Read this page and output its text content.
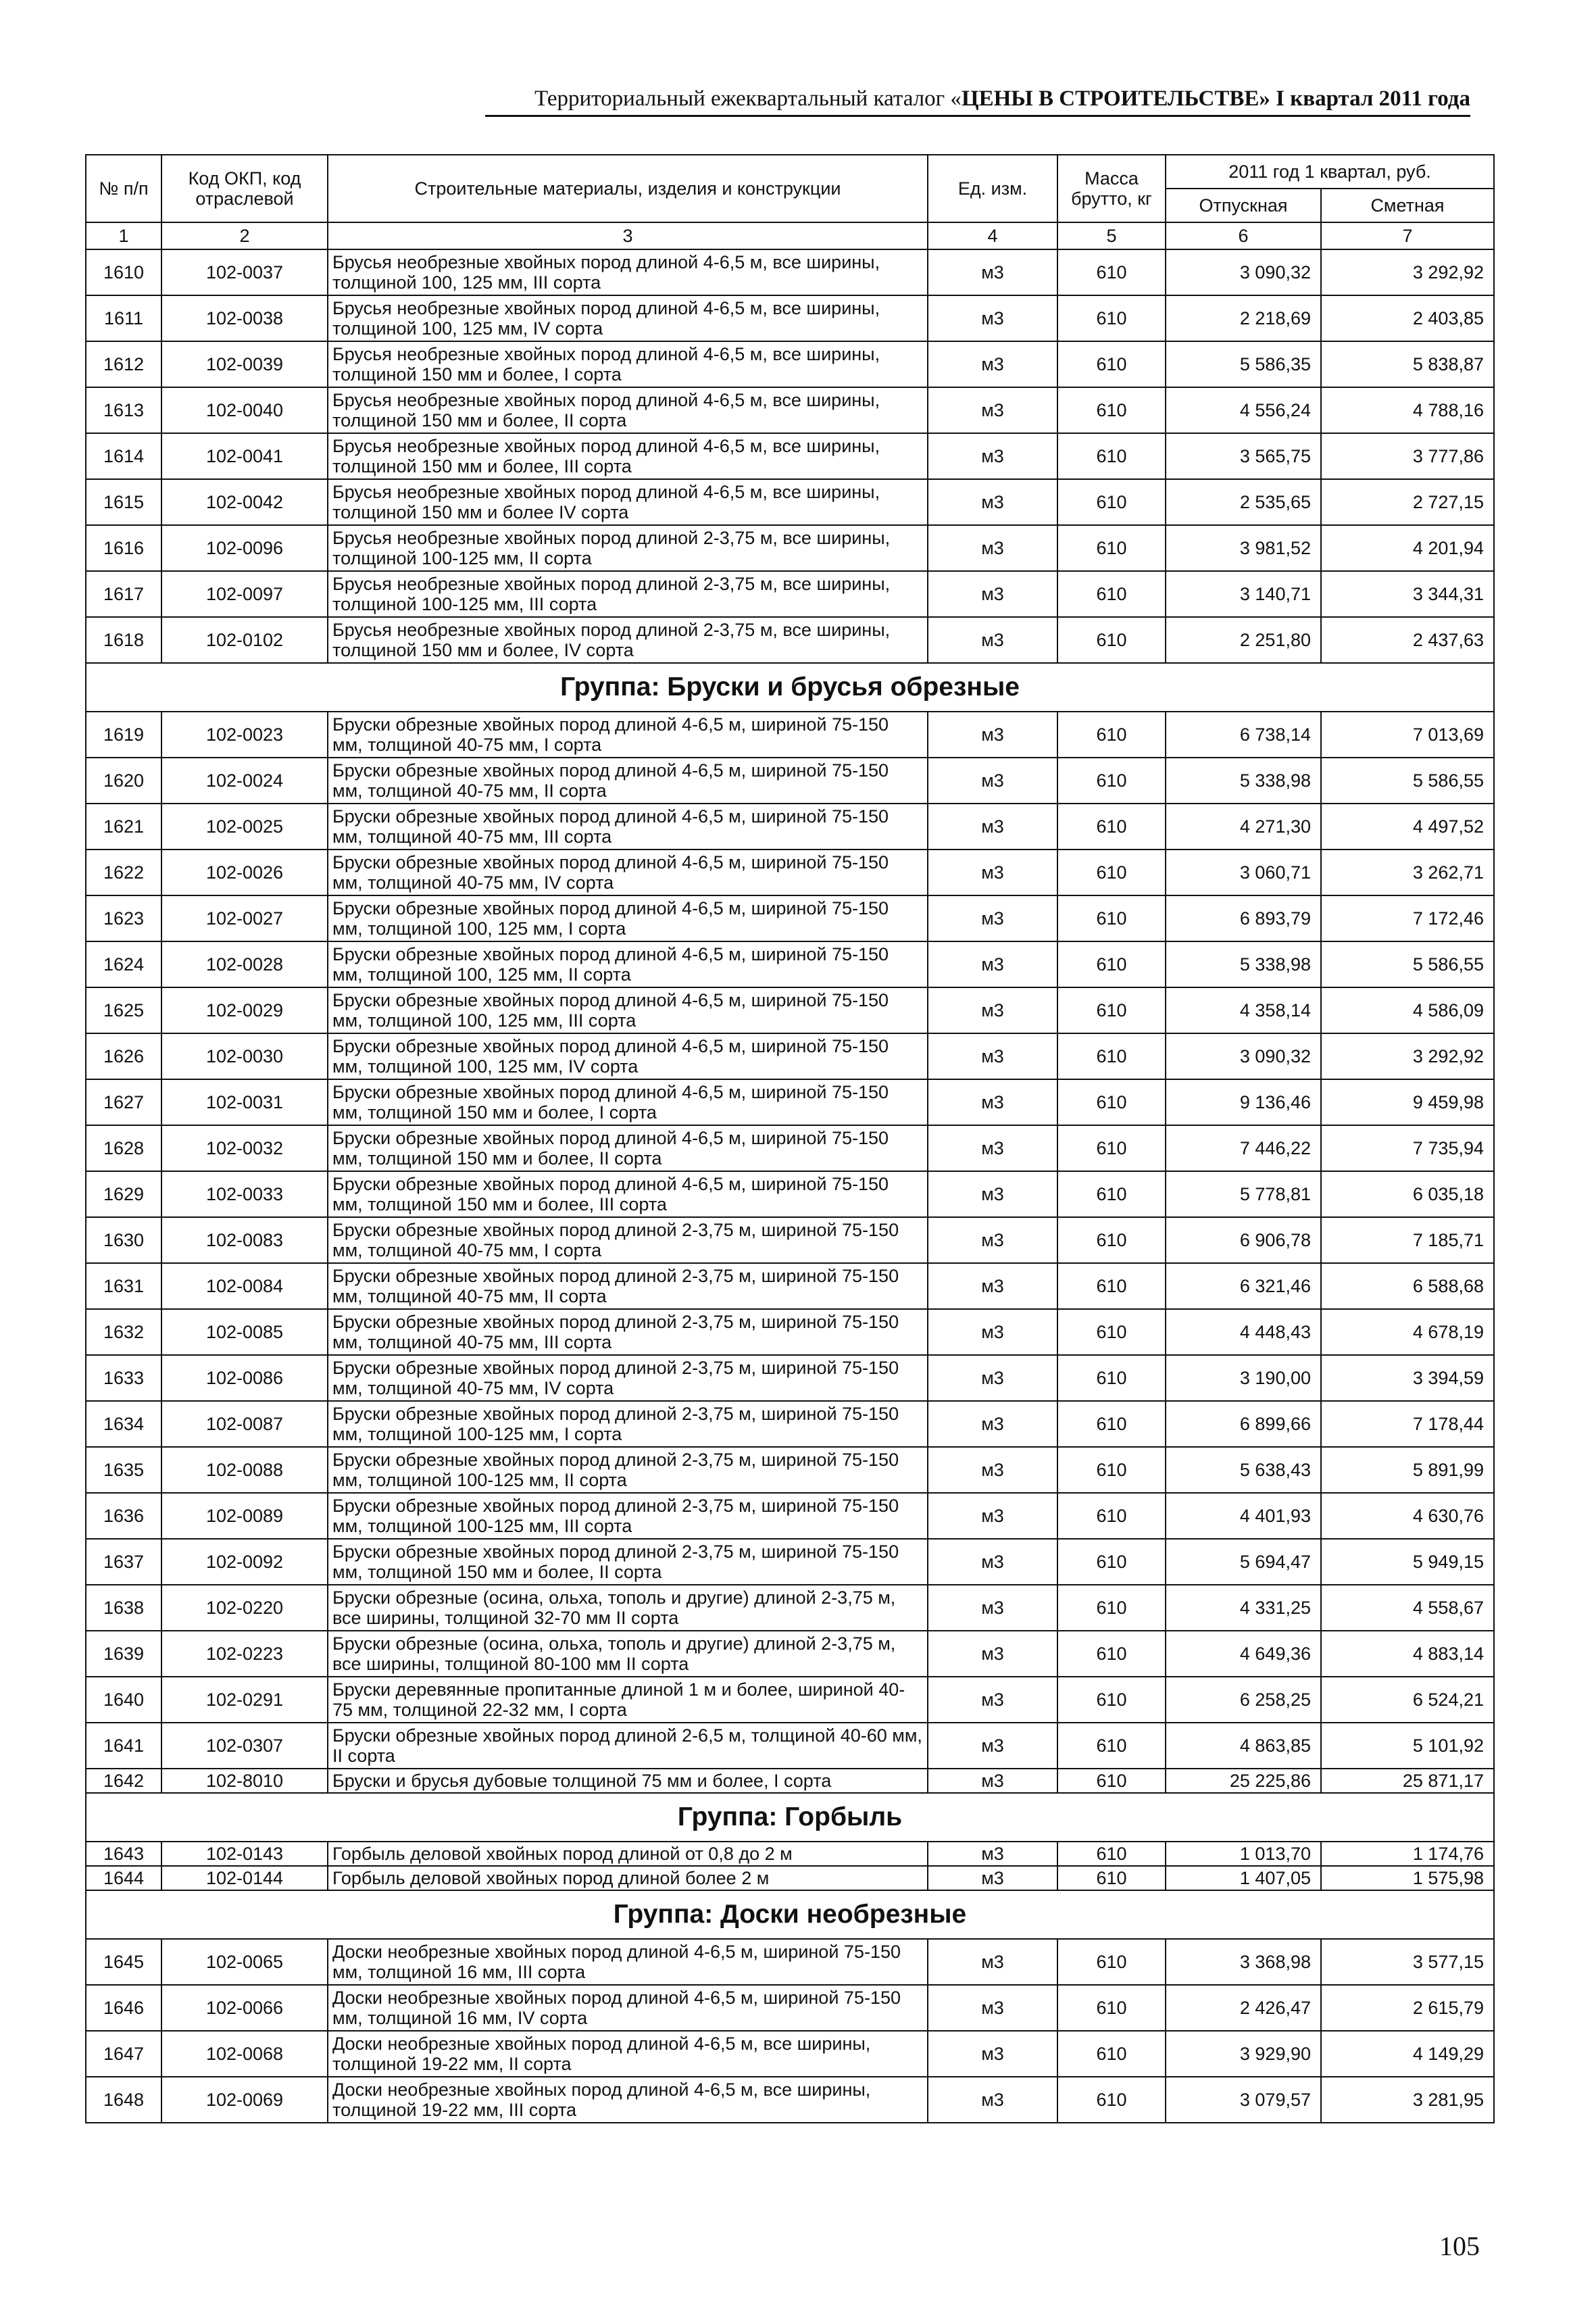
Территориальный ежеквартальный каталог «ЦЕНЫ В СТРОИТЕЛЬСТВЕ» I квартал 2011 года
№ п/п	Код ОКП, код отраслевой	Строительные материалы, изделия и конструкции	Ед. изм.	Масса брутто, кг	2011 год 1 квартал, руб.	
					Отпускная	Сметная
1	2	3	4	5	6	7
1610	102-0037	Брусья необрезные хвойных пород длиной 4-6,5 м, все ширины, толщиной 100, 125 мм, III сорта	м3	610	3 090,32	3 292,92
1611	102-0038	Брусья необрезные хвойных пород длиной 4-6,5 м, все ширины, толщиной 100, 125 мм, IV сорта	м3	610	2 218,69	2 403,85
1612	102-0039	Брусья необрезные хвойных пород длиной 4-6,5 м, все ширины, толщиной 150 мм и более, I сорта	м3	610	5 586,35	5 838,87
1613	102-0040	Брусья необрезные хвойных пород длиной 4-6,5 м, все ширины, толщиной 150 мм и более, II сорта	м3	610	4 556,24	4 788,16
1614	102-0041	Брусья необрезные хвойных пород длиной 4-6,5 м, все ширины, толщиной 150 мм и более, III сорта	м3	610	3 565,75	3 777,86
1615	102-0042	Брусья необрезные хвойных пород длиной 4-6,5 м, все ширины, толщиной 150 мм и более IV сорта	м3	610	2 535,65	2 727,15
1616	102-0096	Брусья необрезные хвойных пород длиной 2-3,75 м, все ширины, толщиной 100-125 мм, II сорта	м3	610	3 981,52	4 201,94
1617	102-0097	Брусья необрезные хвойных пород длиной 2-3,75 м, все ширины, толщиной 100-125 мм, III сорта	м3	610	3 140,71	3 344,31
1618	102-0102	Брусья необрезные хвойных пород длиной 2-3,75 м, все ширины, толщиной 150 мм и более, IV сорта	м3	610	2 251,80	2 437,63
Группа: Бруски и брусья обрезные						
1619	102-0023	Бруски обрезные хвойных пород длиной 4-6,5 м, шириной 75-150 мм, толщиной 40-75 мм, I сорта	м3	610	6 738,14	7 013,69
1620	102-0024	Бруски обрезные хвойных пород длиной 4-6,5 м, шириной 75-150 мм, толщиной 40-75 мм, II сорта	м3	610	5 338,98	5 586,55
1621	102-0025	Бруски обрезные хвойных пород длиной 4-6,5 м, шириной 75-150 мм, толщиной 40-75 мм, III сорта	м3	610	4 271,30	4 497,52
1622	102-0026	Бруски обрезные хвойных пород длиной 4-6,5 м, шириной 75-150 мм, толщиной 40-75 мм, IV сорта	м3	610	3 060,71	3 262,71
1623	102-0027	Бруски обрезные хвойных пород длиной 4-6,5 м, шириной 75-150 мм, толщиной 100, 125 мм, I сорта	м3	610	6 893,79	7 172,46
1624	102-0028	Бруски обрезные хвойных пород длиной 4-6,5 м, шириной 75-150 мм, толщиной 100, 125 мм, II сорта	м3	610	5 338,98	5 586,55
1625	102-0029	Бруски обрезные хвойных пород длиной 4-6,5 м, шириной 75-150 мм, толщиной 100, 125 мм, III сорта	м3	610	4 358,14	4 586,09
1626	102-0030	Бруски обрезные хвойных пород длиной 4-6,5 м, шириной 75-150 мм, толщиной 100, 125 мм, IV сорта	м3	610	3 090,32	3 292,92
1627	102-0031	Бруски обрезные хвойных пород длиной 4-6,5 м, шириной 75-150 мм, толщиной 150 мм и более, I сорта	м3	610	9 136,46	9 459,98
1628	102-0032	Бруски обрезные хвойных пород длиной 4-6,5 м, шириной 75-150 мм, толщиной 150 мм и более, II сорта	м3	610	7 446,22	7 735,94
1629	102-0033	Бруски обрезные хвойных пород длиной 4-6,5 м, шириной 75-150 мм, толщиной 150 мм и более, III сорта	м3	610	5 778,81	6 035,18
1630	102-0083	Бруски обрезные хвойных пород длиной 2-3,75 м, шириной 75-150 мм, толщиной 40-75 мм, I сорта	м3	610	6 906,78	7 185,71
1631	102-0084	Бруски обрезные хвойных пород длиной 2-3,75 м, шириной 75-150 мм, толщиной 40-75 мм, II сорта	м3	610	6 321,46	6 588,68
1632	102-0085	Бруски обрезные хвойных пород длиной 2-3,75 м, шириной 75-150 мм, толщиной 40-75 мм, III сорта	м3	610	4 448,43	4 678,19
1633	102-0086	Бруски обрезные хвойных пород длиной 2-3,75 м, шириной 75-150 мм, толщиной 40-75 мм, IV сорта	м3	610	3 190,00	3 394,59
1634	102-0087	Бруски обрезные хвойных пород длиной 2-3,75 м, шириной 75-150 мм, толщиной 100-125 мм, I сорта	м3	610	6 899,66	7 178,44
1635	102-0088	Бруски обрезные хвойных пород длиной 2-3,75 м, шириной 75-150 мм, толщиной 100-125 мм, II сорта	м3	610	5 638,43	5 891,99
1636	102-0089	Бруски обрезные хвойных пород длиной 2-3,75 м, шириной 75-150 мм, толщиной 100-125 мм, III сорта	м3	610	4 401,93	4 630,76
1637	102-0092	Бруски обрезные хвойных пород длиной 2-3,75 м, шириной 75-150 мм, толщиной 150 мм и более, II сорта	м3	610	5 694,47	5 949,15
1638	102-0220	Бруски обрезные (осина, ольха, тополь и другие) длиной 2-3,75 м, все ширины, толщиной 32-70 мм II сорта	м3	610	4 331,25	4 558,67
1639	102-0223	Бруски обрезные (осина, ольха, тополь и другие) длиной 2-3,75 м, все ширины, толщиной 80-100 мм II сорта	м3	610	4 649,36	4 883,14
1640	102-0291	Бруски деревянные пропитанные длиной 1 м и более, шириной 40-75 мм, толщиной 22-32 мм, I сорта	м3	610	6 258,25	6 524,21
1641	102-0307	Бруски обрезные хвойных пород длиной 2-6,5 м, толщиной 40-60 мм, II сорта	м3	610	4 863,85	5 101,92
1642	102-8010	Бруски и брусья дубовые толщиной 75 мм и более, I сорта	м3	610	25 225,86	25 871,17
Группа: Горбыль						
1643	102-0143	Горбыль деловой хвойных пород длиной от 0,8 до 2 м	м3	610	1 013,70	1 174,76
1644	102-0144	Горбыль деловой хвойных пород длиной более 2 м	м3	610	1 407,05	1 575,98
Группа: Доски необрезные						
1645	102-0065	Доски необрезные хвойных пород длиной 4-6,5 м, шириной 75-150 мм, толщиной 16 мм, III сорта	м3	610	3 368,98	3 577,15
1646	102-0066	Доски необрезные хвойных пород длиной 4-6,5 м, шириной 75-150 мм, толщиной 16 мм, IV сорта	м3	610	2 426,47	2 615,79
1647	102-0068	Доски необрезные хвойных пород длиной 4-6,5 м, все ширины, толщиной 19-22 мм, II сорта	м3	610	3 929,90	4 149,29
1648	102-0069	Доски необрезные хвойных пород длиной 4-6,5 м, все ширины, толщиной 19-22 мм, III сорта	м3	610	3 079,57	3 281,95
105
